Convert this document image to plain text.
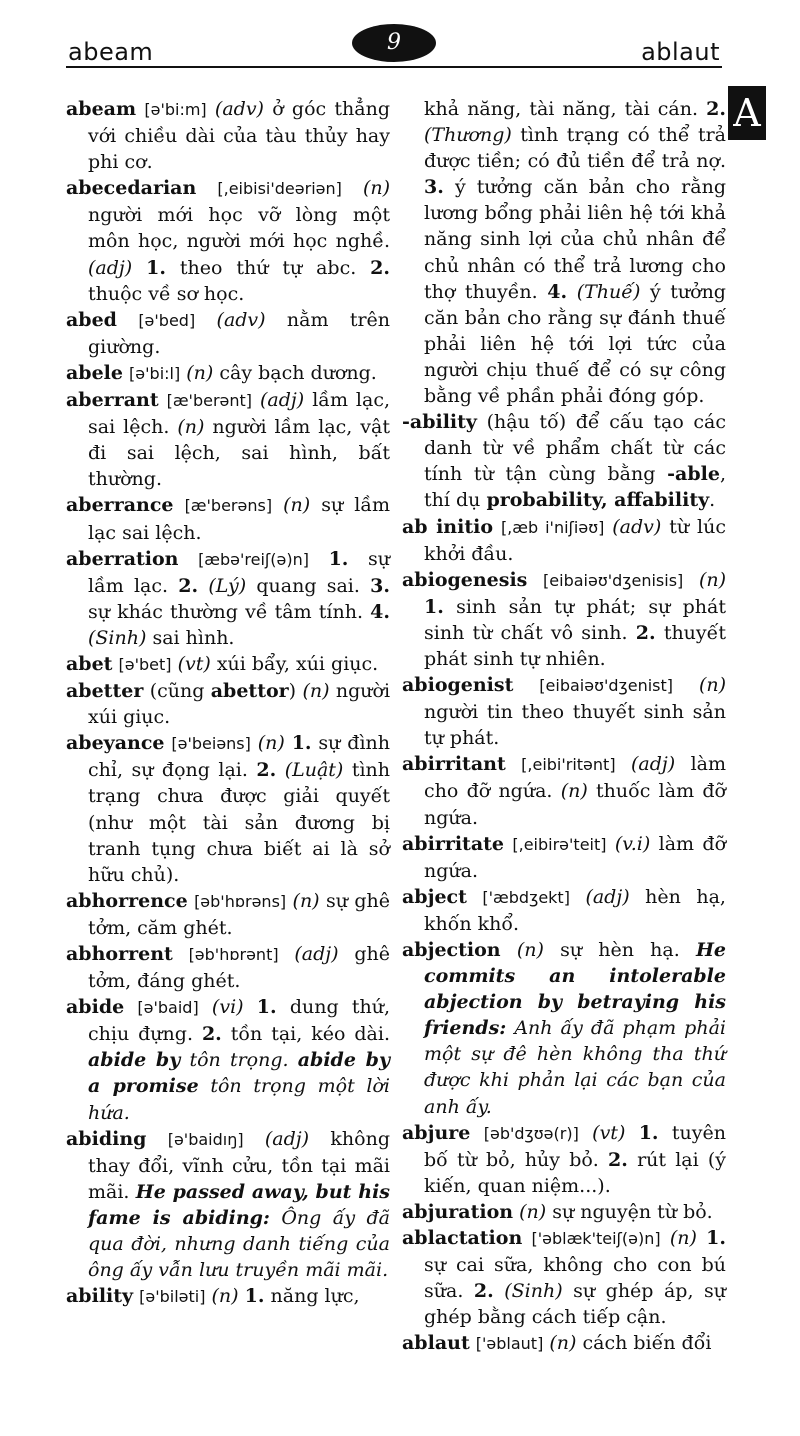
abeam	9	ablaut
A

abeam [ə'bi:m] (adv) ở góc thẳng với chiều dài của tàu thủy hay phi cơ.

abecedarian [,eibisi'deəriən] (n) người mới học vỡ lòng một môn học, người mới học nghề. (adj) 1. theo thứ tự abc. 2. thuộc về sơ học.

abed [ə'bed] (adv) nằm trên giường.

abele [ə'bi:l] (n) cây bạch dương.

aberrant [æ'berənt] (adj) lầm lạc, sai lệch. (n) người lầm lạc, vật đi sai lệch, sai hình, bất thường.

aberrance [æ'berəns] (n) sự lầm lạc sai lệch.

aberration [æbə'reiʃ(ə)n] 1. sự lầm lạc. 2. (Lý) quang sai. 3. sự khác thường về tâm tính. 4. (Sinh) sai hình.

abet [ə'bet] (vt) xúi bẩy, xúi giục.

abetter (cũng abettor) (n) người xúi giục.

abeyance [ə'beiəns] (n) 1. sự đình chỉ, sự đọng lại. 2. (Luật) tình trạng chưa được giải quyết (như một tài sản đương bị tranh tụng chưa biết ai là sở hữu chủ).

abhorrence [əb'hɒrəns] (n) sự ghê tởm, căm ghét.

abhorrent [əb'hɒrənt] (adj) ghê tởm, đáng ghét.

abide [ə'baid] (vi) 1. dung thứ, chịu đựng. 2. tồn tại, kéo dài. abide by tôn trọng. abide by a promise tôn trọng một lời hứa.

abiding [ə'baidıŋ] (adj) không thay đổi, vĩnh cửu, tồn tại mãi mãi. He passed away, but his fame is abiding: Ông ấy đã qua đời, nhưng danh tiếng của ông ấy vẫn lưu truyền mãi mãi.

ability [ə'biləti] (n) 1. năng lực,

khả năng, tài năng, tài cán. 2. (Thương) tình trạng có thể trả được tiền; có đủ tiền để trả nợ. 3. ý tưởng căn bản cho rằng lương bổng phải liên hệ tới khả năng sinh lợi của chủ nhân để chủ nhân có thể trả lương cho thợ thuyền. 4. (Thuế) ý tưởng căn bản cho rằng sự đánh thuế phải liên hệ tới lợi tức của người chịu thuế để có sự công bằng về phần phải đóng góp.

-ability (hậu tố) để cấu tạo các danh từ về phẩm chất từ các tính từ tận cùng bằng -able, thí dụ probability, affability.

ab initio [,æb i'niʃiəʊ] (adv) từ lúc khởi đầu.

abiogenesis [eibaiəʊ'dʒenisis] (n) 1. sinh sản tự phát; sự phát sinh từ chất vô sinh. 2. thuyết phát sinh tự nhiên.

abiogenist [eibaiəʊ'dʒenist] (n) người tin theo thuyết sinh sản tự phát.

abirritant [,eibi'ritənt] (adj) làm cho đỡ ngứa. (n) thuốc làm đỡ ngứa.

abirritate [,eibirə'teit] (v.i) làm đỡ ngứa.

abject ['æbdʒekt] (adj) hèn hạ, khốn khổ.

abjection (n) sự hèn hạ. He commits an intolerable abjection by betraying his friends: Anh ấy đã phạm phải một sự đê hèn không tha thứ được khi phản lại các bạn của anh ấy.

abjure [əb'dʒʊə(r)] (vt) 1. tuyên bố từ bỏ, hủy bỏ. 2. rút lại (ý kiến, quan niệm...).

abjuration (n) sự nguyện từ bỏ.

ablactation ['əblæk'teiʃ(ə)n] (n) 1. sự cai sữa, không cho con bú sữa. 2. (Sinh) sự ghép áp, sự ghép bằng cách tiếp cận.

ablaut ['əblaut] (n) cách biến đổi
